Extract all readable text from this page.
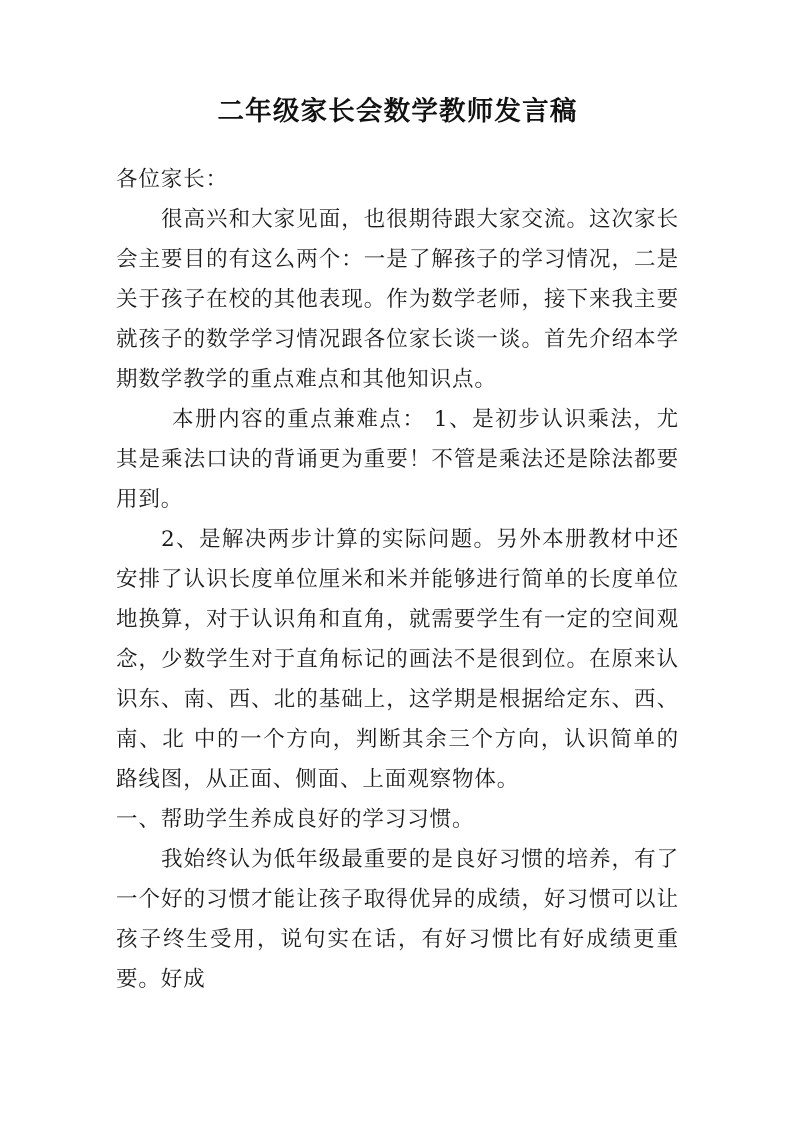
二年级家长会数学教师发言稿

各位家长：

很高兴和大家见面，也很期待跟大家交流。这次家长会主要目的有这么两个：一是了解孩子的学习情况，二是关于孩子在校的其他表现。作为数学老师，接下来我主要就孩子的数学学习情况跟各位家长谈一谈。首先介绍本学期数学教学的重点难点和其他知识点。

本册内容的重点兼难点： 1、是初步认识乘法，尤其是乘法口诀的背诵更为重要！不管是乘法还是除法都要用到。

2、是解决两步计算的实际问题。另外本册教材中还安排了认识长度单位厘米和米并能够进行简单的长度单位地换算，对于认识角和直角，就需要学生有一定的空间观念，少数学生对于直角标记的画法不是很到位。在原来认识东、南、西、北的基础上，这学期是根据给定东、西、南、北 中的一个方向，判断其余三个方向，认识简单的路线图，从正面、侧面、上面观察物体。

一、帮助学生养成良好的学习习惯。

我始终认为低年级最重要的是良好习惯的培养，有了一个好的习惯才能让孩子取得优异的成绩，好习惯可以让孩子终生受用，说句实在话，有好习惯比有好成绩更重要。好成
